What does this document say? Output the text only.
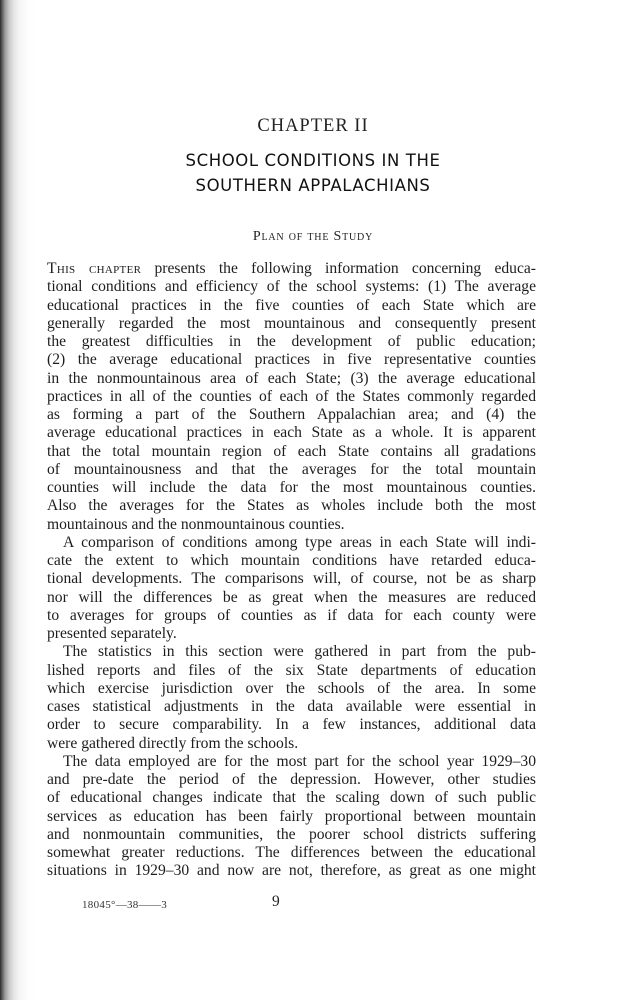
CHAPTER II
SCHOOL CONDITIONS IN THE
SOUTHERN APPALACHIANS
Plan of the Study
This chapter presents the following information concerning educa-
tional conditions and efficiency of the school systems: (1) The average
educational practices in the five counties of each State which are
generally regarded the most mountainous and consequently present
the greatest difficulties in the development of public education;
(2) the average educational practices in five representative counties
in the nonmountainous area of each State; (3) the average educational
practices in all of the counties of each of the States commonly regarded
as forming a part of the Southern Appalachian area; and (4) the
average educational practices in each State as a whole. It is apparent
that the total mountain region of each State contains all gradations
of mountainousness and that the averages for the total mountain
counties will include the data for the most mountainous counties.
Also the averages for the States as wholes include both the most
mountainous and the nonmountainous counties.
A comparison of conditions among type areas in each State will indi-
cate the extent to which mountain conditions have retarded educa-
tional developments. The comparisons will, of course, not be as sharp
nor will the differences be as great when the measures are reduced
to averages for groups of counties as if data for each county were
presented separately.
The statistics in this section were gathered in part from the pub-
lished reports and files of the six State departments of education
which exercise jurisdiction over the schools of the area. In some
cases statistical adjustments in the data available were essential in
order to secure comparability. In a few instances, additional data
were gathered directly from the schools.
The data employed are for the most part for the school year 1929–30
and pre-date the period of the depression. However, other studies
of educational changes indicate that the scaling down of such public
services as education has been fairly proportional between mountain
and nonmountain communities, the poorer school districts suffering
somewhat greater reductions. The differences between the educational
situations in 1929–30 and now are not, therefore, as great as one might
18045°—38——3	9
